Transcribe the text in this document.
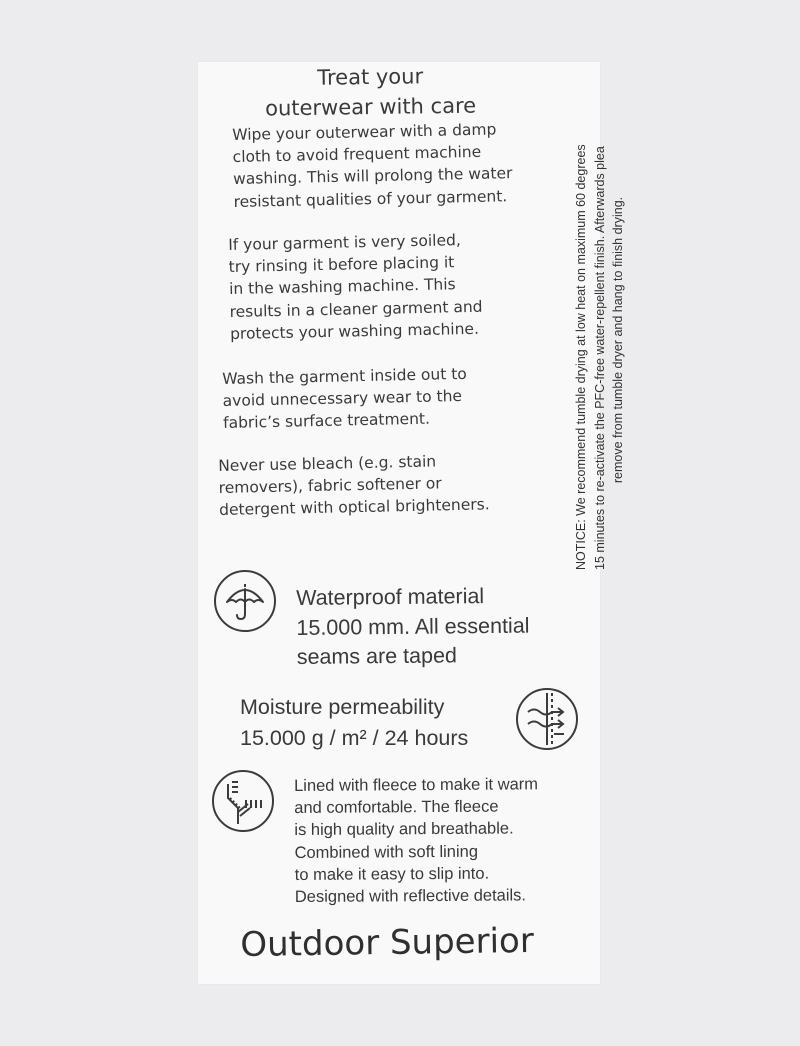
Treat your
outerwear with care
Wipe your outerwear with a damp
cloth to avoid frequent machine
washing. This will prolong the water
resistant qualities of your garment.
If your garment is very soiled,
try rinsing it before placing it
in the washing machine. This
results in a cleaner garment and
protects your washing machine.
Wash the garment inside out to
avoid unnecessary wear to the
fabric’s surface treatment.
Never use bleach (e.g. stain
removers), fabric softener or
detergent with optical brighteners.	NOTICE: We recommend tumble drying at low heat on maximum 60 degrees 15 minutes to re-activate the PFC-free water-repellent finish. Afterwards plea remove from tumble dryer and hang to finish drying.
Waterproof material
15.000 mm. All essential
seams are taped
Moisture permeability
15.000 g / m² / 24 hours
Lined with fleece to make it warm
and comfortable. The fleece
is high quality and breathable.
Combined with soft lining
to make it easy to slip into.
Designed with reflective details.
Outdoor Superior
